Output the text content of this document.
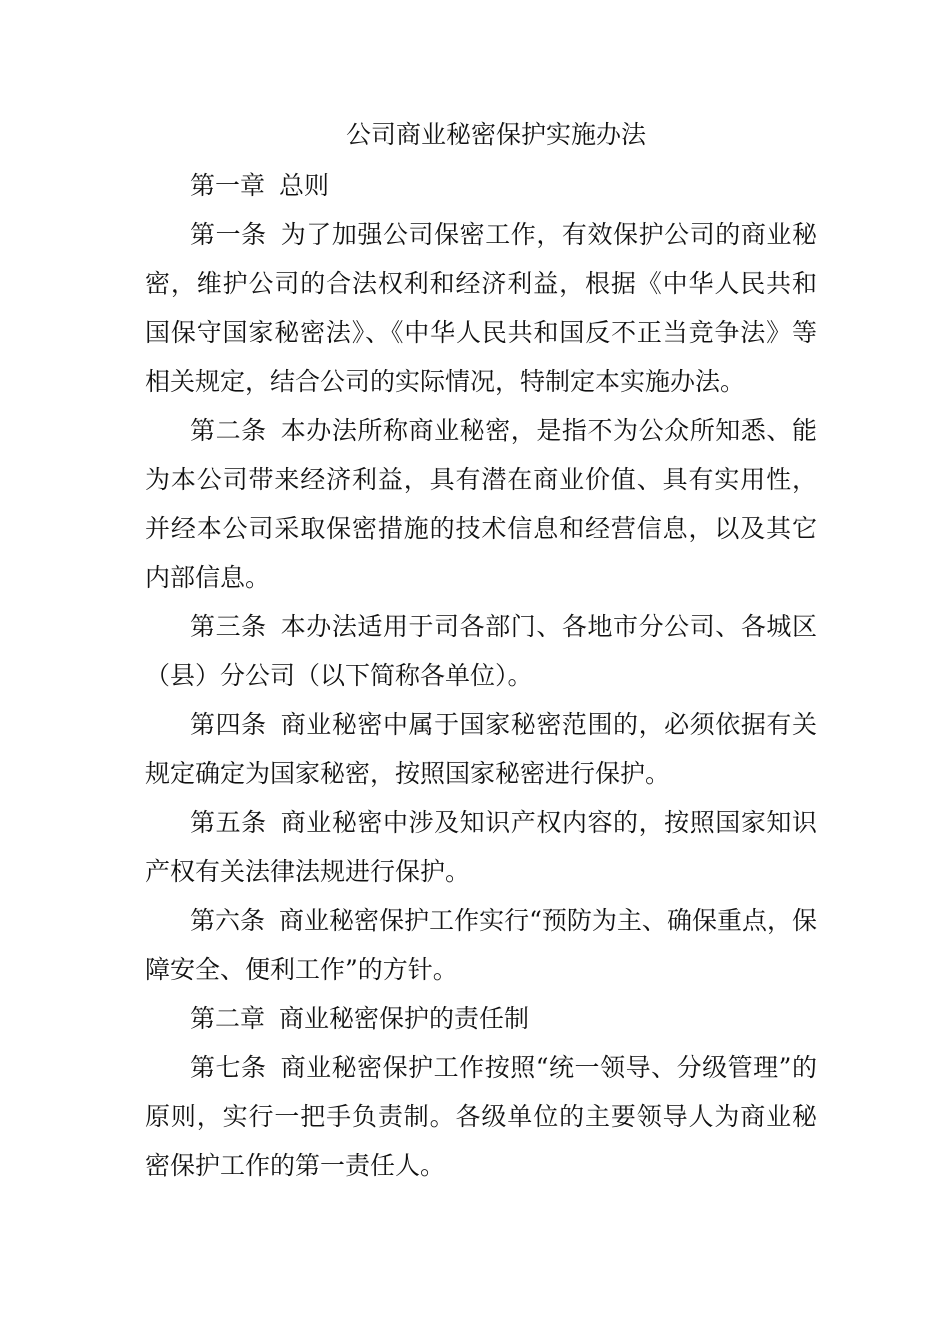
公司商业秘密保护实施办法

第一章 总则

第一条 为了加强公司保密工作，有效保护公司的商业秘密，维护公司的合法权利和经济利益，根据《中华人民共和国保守国家秘密法》、《中华人民共和国反不正当竞争法》等相关规定，结合公司的实际情况，特制定本实施办法。

第二条 本办法所称商业秘密，是指不为公众所知悉、能为本公司带来经济利益，具有潜在商业价值、具有实用性，并经本公司采取保密措施的技术信息和经营信息，以及其它内部信息。

第三条 本办法适用于司各部门、各地市分公司、各城区（县）分公司（以下简称各单位）。

第四条 商业秘密中属于国家秘密范围的，必须依据有关规定确定为国家秘密，按照国家秘密进行保护。

第五条 商业秘密中涉及知识产权内容的，按照国家知识产权有关法律法规进行保护。

第六条 商业秘密保护工作实行“预防为主、确保重点，保障安全、便利工作”的方针。

第二章 商业秘密保护的责任制

第七条 商业秘密保护工作按照“统一领导、分级管理”的原则，实行一把手负责制。各级单位的主要领导人为商业秘密保护工作的第一责任人。
